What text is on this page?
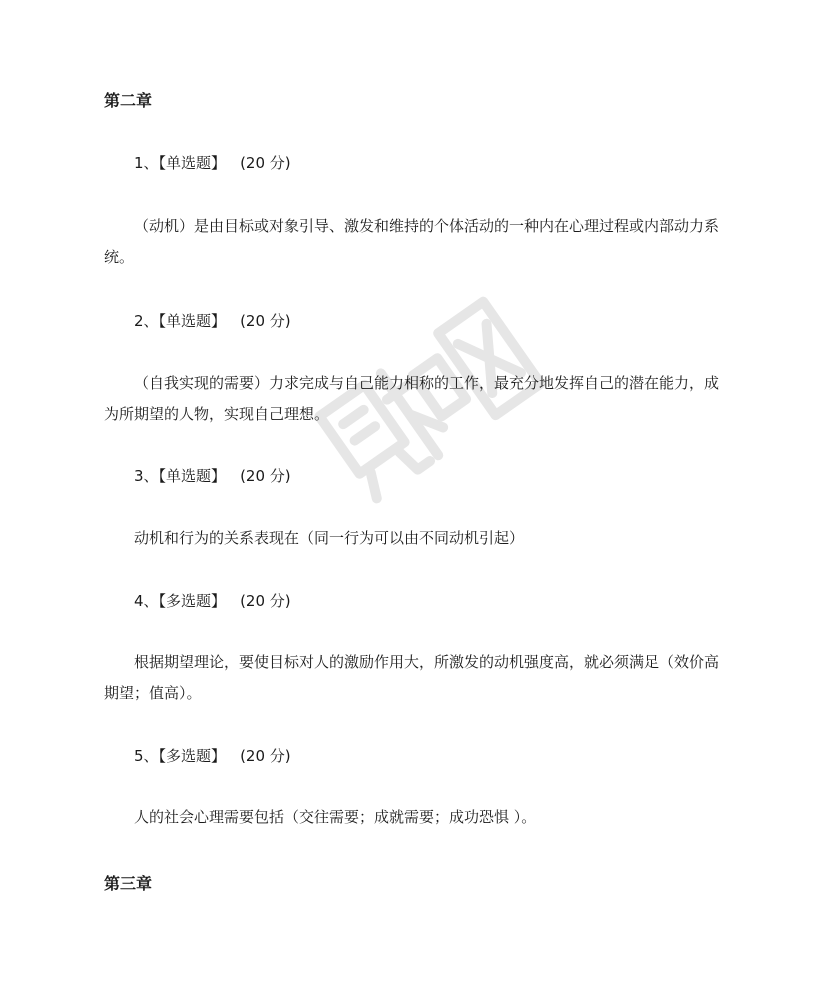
第二章
1、【单选题】 (20 分)

（动机）是由目标或对象引导、激发和维持的个体活动的一种内在心理过程或内部动力系统。

2、【单选题】 (20 分)

（自我实现的需要）力求完成与自己能力相称的工作，最充分地发挥自己的潜在能力，成为所期望的人物，实现自己理想。

3、【单选题】 (20 分)

动机和行为的关系表现在（同一行为可以由不同动机引起）

4、【多选题】 (20 分)

根据期望理论，要使目标对人的激励作用大，所激发的动机强度高，就必须满足（效价高期望；值高）。

5、【多选题】 (20 分)

人的社会心理需要包括（交往需要；成就需要；成功恐惧 ）。

第三章
